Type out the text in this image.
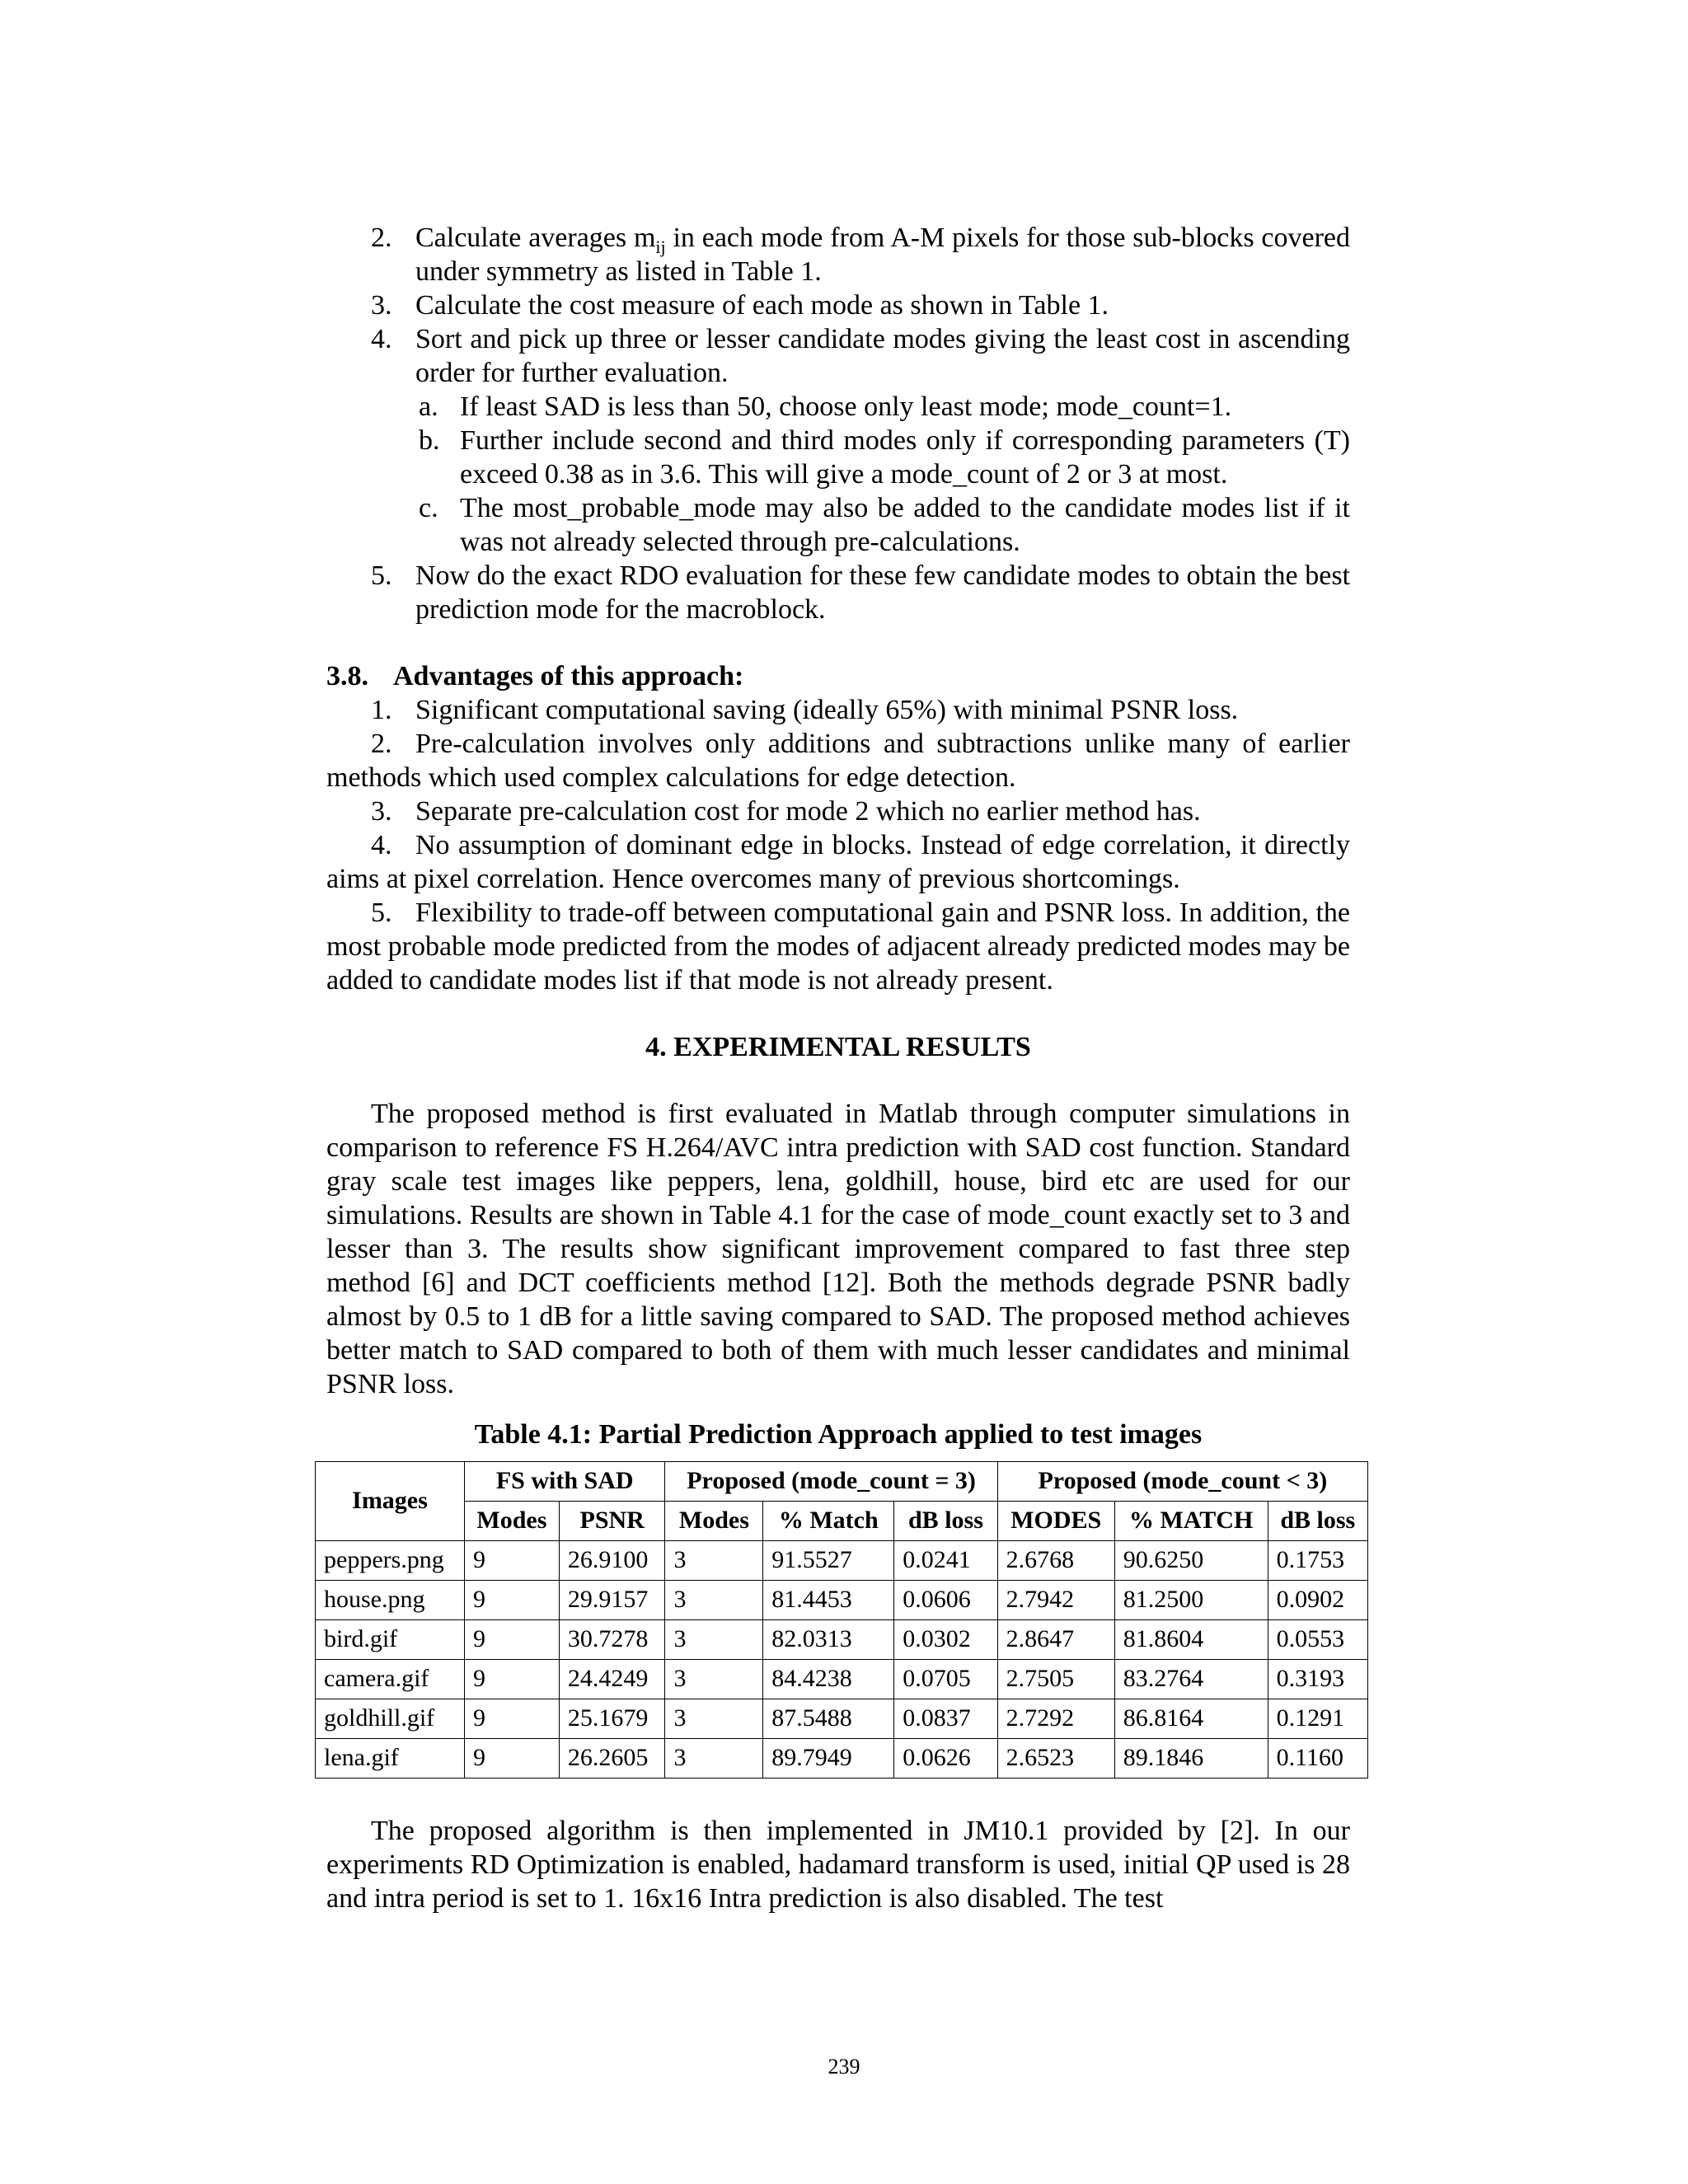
2. Calculate averages $m_{ij}$ in each mode from A-M pixels for those sub-blocks covered under symmetry as listed in Table 1.
3. Calculate the cost measure of each mode as shown in Table 1.
4. Sort and pick up three or lesser candidate modes giving the least cost in ascending order for further evaluation.
a. If least SAD is less than 50, choose only least mode; mode_count=1.
b. Further include second and third modes only if corresponding parameters (T) exceed 0.38 as in 3.6. This will give a mode_count of 2 or 3 at most.
c. The most_probable_mode may also be added to the candidate modes list if it was not already selected through pre-calculations.
5. Now do the exact RDO evaluation for these few candidate modes to obtain the best prediction mode for the macroblock.
3.8. Advantages of this approach:

1. Significant computational saving (ideally 65%) with minimal PSNR loss.

2. Pre-calculation involves only additions and subtractions unlike many of earlier methods which used complex calculations for edge detection.

3. Separate pre-calculation cost for mode 2 which no earlier method has.

4. No assumption of dominant edge in blocks. Instead of edge correlation, it directly aims at pixel correlation. Hence overcomes many of previous shortcomings.

5. Flexibility to trade-off between computational gain and PSNR loss. In addition, the most probable mode predicted from the modes of adjacent already predicted modes may be added to candidate modes list if that mode is not already present.

4. EXPERIMENTAL RESULTS

The proposed method is first evaluated in Matlab through computer simulations in comparison to reference FS H.264/AVC intra prediction with SAD cost function. Standard gray scale test images like peppers, lena, goldhill, house, bird etc are used for our simulations. Results are shown in Table 4.1 for the case of mode_count exactly set to 3 and lesser than 3. The results show significant improvement compared to fast three step method [6] and DCT coefficients method [12]. Both the methods degrade PSNR badly almost by 0.5 to 1 dB for a little saving compared to SAD. The proposed method achieves better match to SAD compared to both of them with much lesser candidates and minimal PSNR loss.

Table 4.1: Partial Prediction Approach applied to test images
Images	FS with SAD		Proposed (mode_count = 3)			Proposed (mode_count < 3)		
	Modes	PSNR	Modes	% Match	dB loss	MODES	% MATCH	dB loss
peppers.png	9	26.9100	3	91.5527	0.0241	2.6768	90.6250	0.1753
house.png	9	29.9157	3	81.4453	0.0606	2.7942	81.2500	0.0902
bird.gif	9	30.7278	3	82.0313	0.0302	2.8647	81.8604	0.0553
camera.gif	9	24.4249	3	84.4238	0.0705	2.7505	83.2764	0.3193
goldhill.gif	9	25.1679	3	87.5488	0.0837	2.7292	86.8164	0.1291
lena.gif	9	26.2605	3	89.7949	0.0626	2.6523	89.1846	0.1160

The proposed algorithm is then implemented in JM10.1 provided by [2]. In our experiments RD Optimization is enabled, hadamard transform is used, initial QP used is 28 and intra period is set to 1. 16x16 Intra prediction is also disabled. The test

239
